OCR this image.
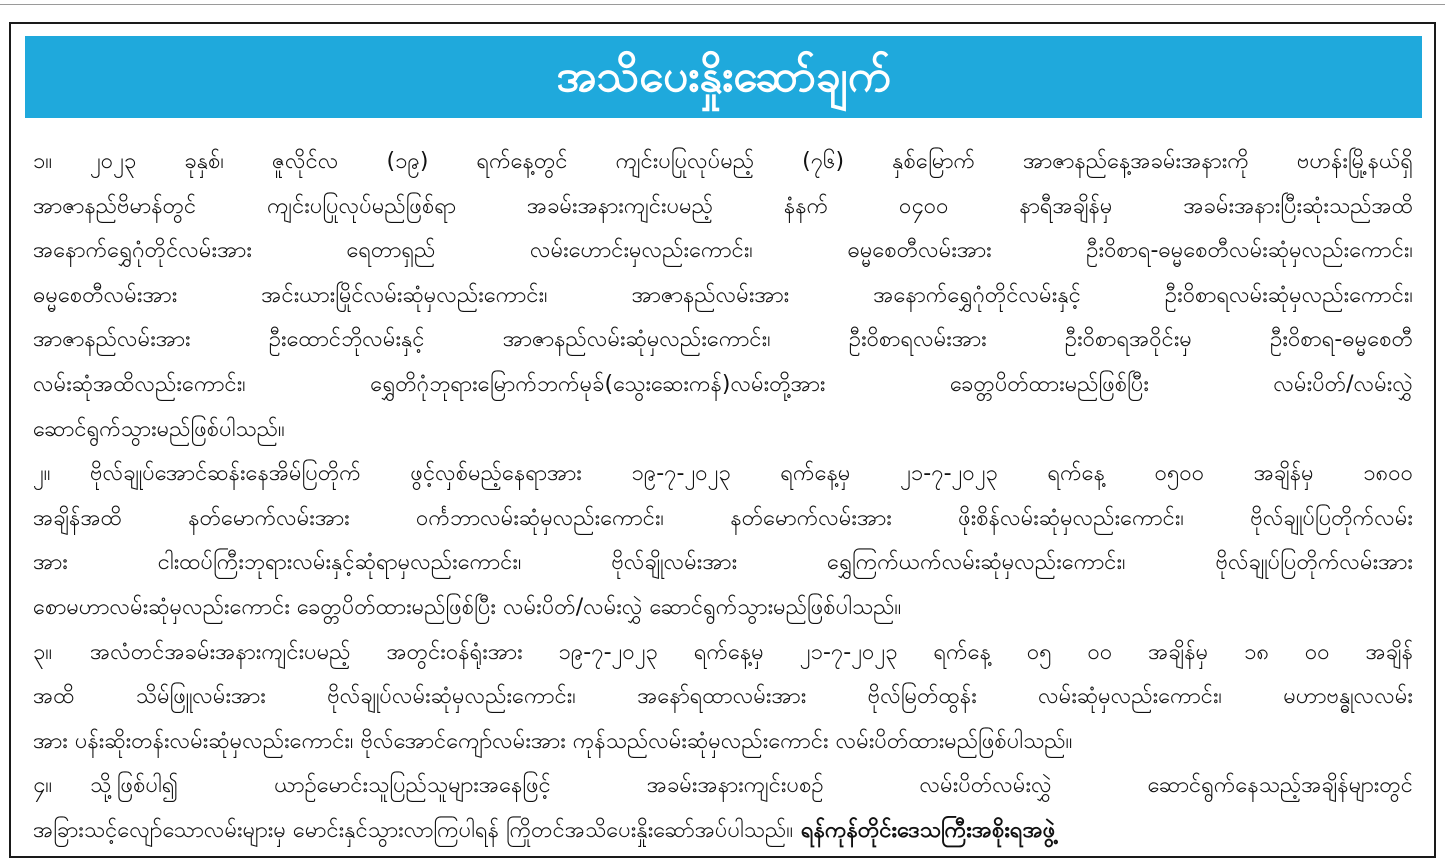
အသိပေးနှိုးဆော်ချက်
၁။	၂၀၂၃ ခုနှစ်၊ ဇူလိုင်လ (၁၉) ရက်နေ့တွင် ကျင်းပပြုလုပ်မည့် (၇၆) နှစ်မြောက် အာဇာနည်နေ့အခမ်းအနားကို ဗဟန်းမြို့နယ်ရှိ
အာဇာနည်ဗိမာန်တွင် ကျင်းပပြုလုပ်မည်ဖြစ်ရာ အခမ်းအနားကျင်းပမည့် နံနက် ၀၄၀၀ နာရီအချိန်မှ အခမ်းအနားပြီးဆုံးသည်အထိ
အနောက်ရွှေဂုံတိုင်လမ်းအား ရေတာရှည် လမ်းဟောင်းမှလည်းကောင်း၊ ဓမ္မစေတီလမ်းအား ဦးဝိစာရ-ဓမ္မစေတီလမ်းဆုံမှလည်းကောင်း၊
ဓမ္မစေတီလမ်းအား အင်းယားမြိုင်လမ်းဆုံမှလည်းကောင်း၊ အာဇာနည်လမ်းအား အနောက်ရွှေဂုံတိုင်လမ်းနှင့် ဦးဝိစာရလမ်းဆုံမှလည်းကောင်း၊
အာဇာနည်လမ်းအား ဦးထောင်ဘိုလမ်းနှင့် အာဇာနည်လမ်းဆုံမှလည်းကောင်း၊ ဦးဝိစာရလမ်းအား ဦးဝိစာရအဝိုင်းမှ ဦးဝိစာရ-ဓမ္မစေတီ
လမ်းဆုံအထိလည်းကောင်း၊ ရွှေတိဂုံဘုရားမြောက်ဘက်မုခ်(သွေးဆေးကန်)လမ်းတို့အား ခေတ္တပိတ်ထားမည်ဖြစ်ပြီး လမ်းပိတ်/လမ်းလွှဲ
ဆောင်ရွက်သွားမည်ဖြစ်ပါသည်။
၂။	ဗိုလ်ချုပ်အောင်ဆန်းနေအိမ်ပြတိုက် ဖွင့်လှစ်မည့်နေရာအား ၁၉-၇-၂၀၂၃ ရက်နေ့မှ ၂၁-၇-၂၀၂၃ ရက်နေ့ ၀၅၀၀ အချိန်မှ ၁၈၀၀
အချိန်အထိ နတ်မောက်လမ်းအား ဝင်္ကဘာလမ်းဆုံမှလည်းကောင်း၊ နတ်မောက်လမ်းအား ဖိုးစိန်လမ်းဆုံမှလည်းကောင်း၊ ဗိုလ်ချုပ်ပြတိုက်လမ်း
အား ငါးထပ်ကြီးဘုရားလမ်းနှင့်ဆုံရာမှလည်းကောင်း၊ ဗိုလ်ချိုလမ်းအား ရွှေကြက်ယက်လမ်းဆုံမှလည်းကောင်း၊ ဗိုလ်ချုပ်ပြတိုက်လမ်းအား
စောမဟာလမ်းဆုံမှလည်းကောင်း ခေတ္တပိတ်ထားမည်ဖြစ်ပြီး လမ်းပိတ်/လမ်းလွှဲ ဆောင်ရွက်သွားမည်ဖြစ်ပါသည်။
၃။	အလံတင်အခမ်းအနားကျင်းပမည့် အတွင်းဝန်ရုံးအား ၁၉-၇-၂၀၂၃ ရက်နေ့မှ ၂၁-၇-၂၀၂၃ ရက်နေ့ ၀၅ ၀၀ အချိန်မှ ၁၈ ၀၀ အချိန်
အထိ သိမ်ဖြူလမ်းအား ဗိုလ်ချုပ်လမ်းဆုံမှလည်းကောင်း၊ အနော်ရထာလမ်းအား ဗိုလ်မြတ်ထွန်း လမ်းဆုံမှလည်းကောင်း၊ မဟာဗန္ဓုလလမ်း
အား ပန်းဆိုးတန်းလမ်းဆုံမှလည်းကောင်း၊ ဗိုလ်အောင်ကျော်လမ်းအား ကုန်သည်လမ်းဆုံမှလည်းကောင်း လမ်းပိတ်ထားမည်ဖြစ်ပါသည်။
၄။	သို့ဖြစ်ပါ၍ ယာဉ်မောင်းသူပြည်သူများအနေဖြင့် အခမ်းအနားကျင်းပစဉ် လမ်းပိတ်လမ်းလွှဲ ဆောင်ရွက်နေသည့်အချိန်များတွင်
အခြားသင့်လျော်သောလမ်းများမှ မောင်းနှင်သွားလာကြပါရန် ကြိုတင်အသိပေးနှိုးဆော်အပ်ပါသည်။ ရန်ကုန်တိုင်းဒေသကြီးအစိုးရအဖွဲ့
